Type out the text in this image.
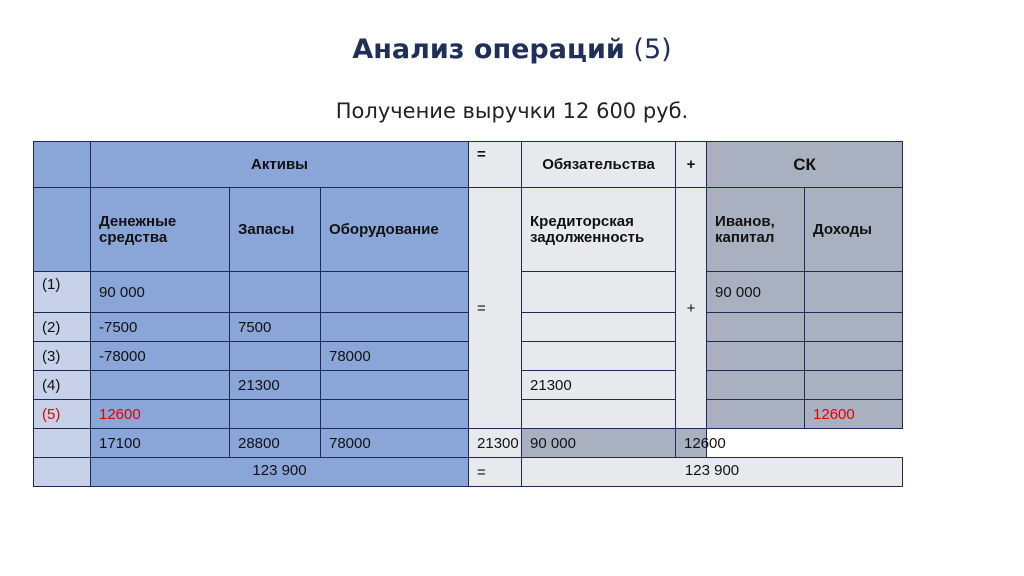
Анализ операций (5)
Получение выручки 12 600 руб.
	Активы			=	Обязательства	+	СК	
	Денежные средства	Запасы	Оборудование	=	Кредиторская задолженность	+	Иванов, капитал	Доходы
(1)	90 000						90 000	
(2)	-7500	7500						
(3)	-78000		78000					
(4)		21300			21300			
(5)	12600							12600
	17100	28800	78000	21300	90 000	12600		
	123 900			=	123 900			
